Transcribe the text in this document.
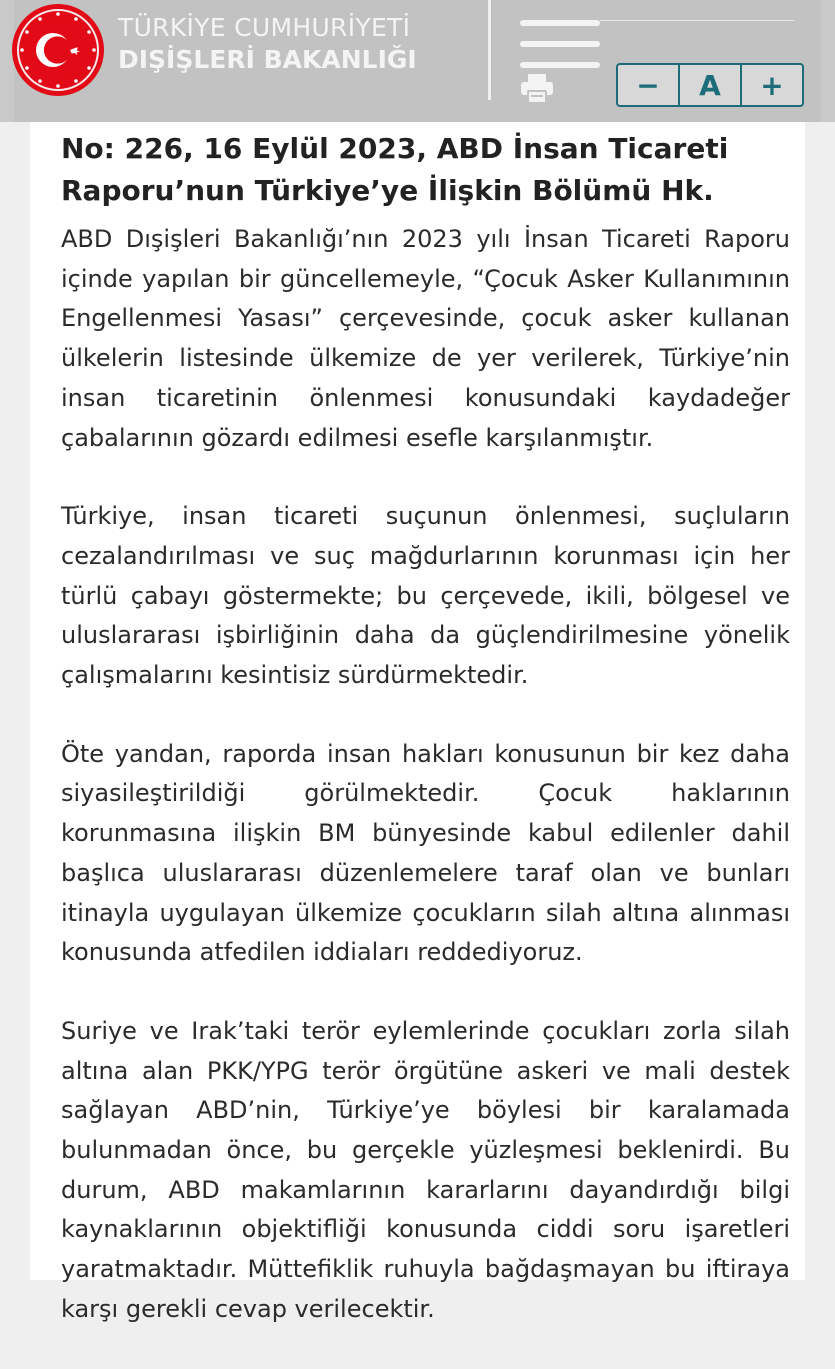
TÜRKİYE CUMHURİYETİ
DIŞİŞLERİ BAKANLIĞI
−	A	+
No: 226, 16 Eylül 2023, ABD İnsan Ticareti Raporu’nun Türkiye’ye İlişkin Bölümü Hk.

ABD Dışişleri Bakanlığı’nın 2023 yılı İnsan Ticareti Raporu içinde yapılan bir güncellemeyle, “Çocuk Asker Kullanımının Engellenmesi Yasası” çerçevesinde, çocuk asker kullanan ülkelerin listesinde ülkemize de yer verilerek, Türkiye’nin insan ticaretinin önlenmesi konusundaki kaydadeğer çabalarının gözardı edilmesi esefle karşılanmıştır.

Türkiye, insan ticareti suçunun önlenmesi, suçluların cezalandırılması ve suç mağdurlarının korunması için her türlü çabayı göstermekte; bu çerçevede, ikili, bölgesel ve uluslararası işbirliğinin daha da güçlendirilmesine yönelik çalışmalarını kesintisiz sürdürmektedir.

Öte yandan, raporda insan hakları konusunun bir kez daha siyasileştirildiği görülmektedir. Çocuk haklarının korunmasına ilişkin BM bünyesinde kabul edilenler dahil başlıca uluslararası düzenlemelere taraf olan ve bunları itinayla uygulayan ülkemize çocukların silah altına alınması konusunda atfedilen iddiaları reddediyoruz.

Suriye ve Irak’taki terör eylemlerinde çocukları zorla silah altına alan PKK/YPG terör örgütüne askeri ve mali destek sağlayan ABD’nin, Türkiye’ye böylesi bir karalamada bulunmadan önce, bu gerçekle yüzleşmesi beklenirdi. Bu durum, ABD makamlarının kararlarını dayandırdığı bilgi kaynaklarının objektifliği konusunda ciddi soru işaretleri yaratmaktadır. Müttefiklik ruhuyla bağdaşmayan bu iftiraya karşı gerekli cevap verilecektir.
